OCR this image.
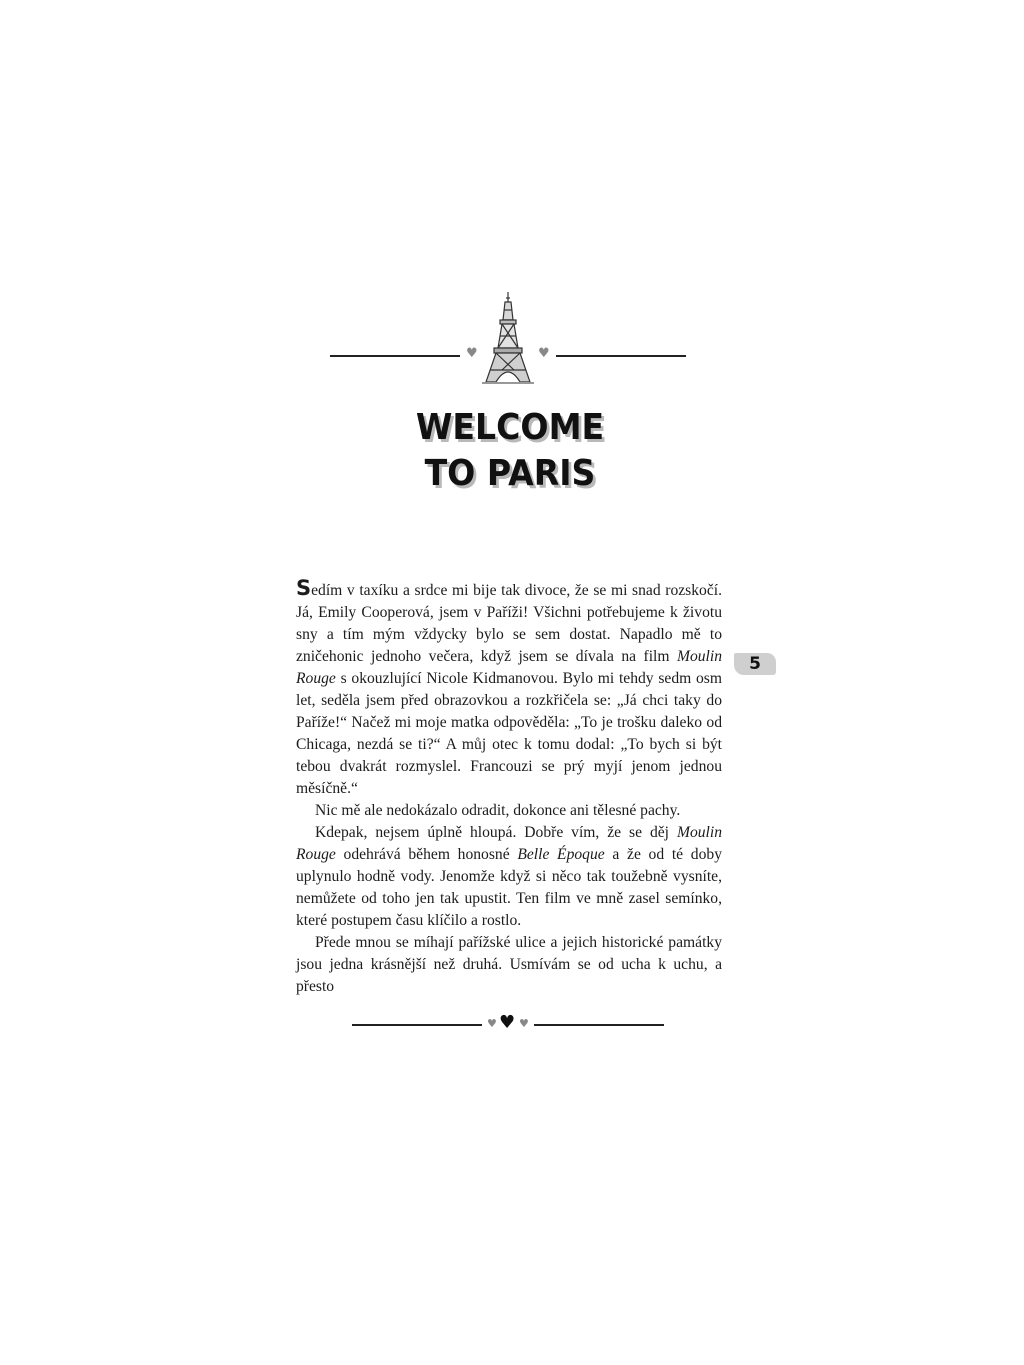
♥	♥
WELCOME
TO PARIS
5

Sedím v taxíku a srdce mi bije tak divoce, že se mi snad rozskočí. Já, Emily Cooperová, jsem v Paříži! Všichni potřebujeme k životu sny a tím mým vždycky bylo se sem dostat. Napadlo mě to zničehonic jednoho večera, když jsem se dívala na film Moulin Rouge s okouzlující Nicole Kidmanovou. Bylo mi tehdy sedm osm let, seděla jsem před obrazovkou a rozkřičela se: „Já chci taky do Paříže!“ Načež mi moje matka odpověděla: „To je trošku daleko od Chicaga, nezdá se ti?“ A můj otec k tomu dodal: „To bych si být tebou dvakrát rozmyslel. Francouzi se prý myjí jenom jednou měsíčně.“

Nic mě ale nedokázalo odradit, dokonce ani tělesné pachy.

Kdepak, nejsem úplně hloupá. Dobře vím, že se děj Moulin Rouge odehrává během honosné Belle Époque a že od té doby uplynulo hodně vody. Jenomže když si něco tak toužebně vysníte, nemůžete od toho jen tak upustit. Ten film ve mně zasel semínko, které postupem času klíčilo a rostlo.

Přede mnou se míhají pařížské ulice a jejich historické památky jsou jedna krásnější než druhá. Usmívám se od ucha k uchu, a přesto

♥ ♥ ♥
